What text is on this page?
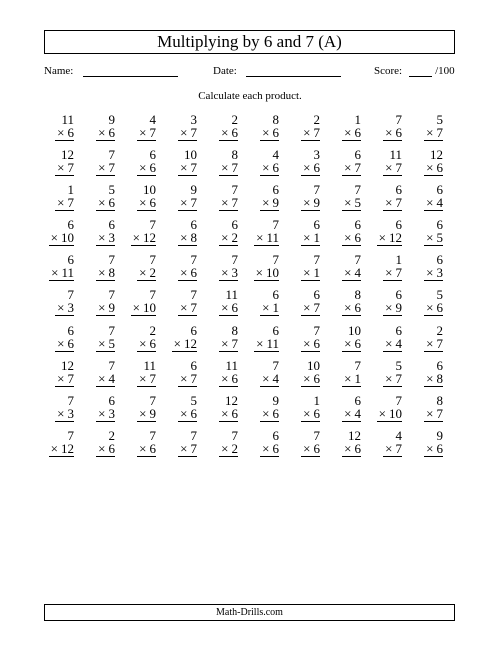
Multiplying by 6 and 7 (A)
Name:	Date:	Score:	/100
Calculate each product.
11
× 6
9
× 6
4
× 7
3
× 7
2
× 6
8
× 6
2
× 7
1
× 6
7
× 6
5
× 7
12
× 7
7
× 7
6
× 6
10
× 7
8
× 7
4
× 6
3
× 6
6
× 7
11
× 7
12
× 6
1
× 7
5
× 6
10
× 6
9
× 7
7
× 7
6
× 9
7
× 9
7
× 5
6
× 7
6
× 4
6
× 10
6
× 3
7
× 12
6
× 8
6
× 2
7
× 11
6
× 1
6
× 6
6
× 12
6
× 5
6
× 11
7
× 8
7
× 2
7
× 6
7
× 3
7
× 10
7
× 1
7
× 4
1
× 7
6
× 3
7
× 3
7
× 9
7
× 10
7
× 7
11
× 6
6
× 1
6
× 7
8
× 6
6
× 9
5
× 6
6
× 6
7
× 5
2
× 6
6
× 12
8
× 7
6
× 11
7
× 6
10
× 6
6
× 4
2
× 7
12
× 7
7
× 4
11
× 7
6
× 7
11
× 6
7
× 4
10
× 6
7
× 1
5
× 7
6
× 8
7
× 3
6
× 3
7
× 9
5
× 6
12
× 6
9
× 6
1
× 6
6
× 4
7
× 10
8
× 7
7
× 12
2
× 6
7
× 6
7
× 7
7
× 2
6
× 6
7
× 6
12
× 6
4
× 7
9
× 6
Math-Drills.com
